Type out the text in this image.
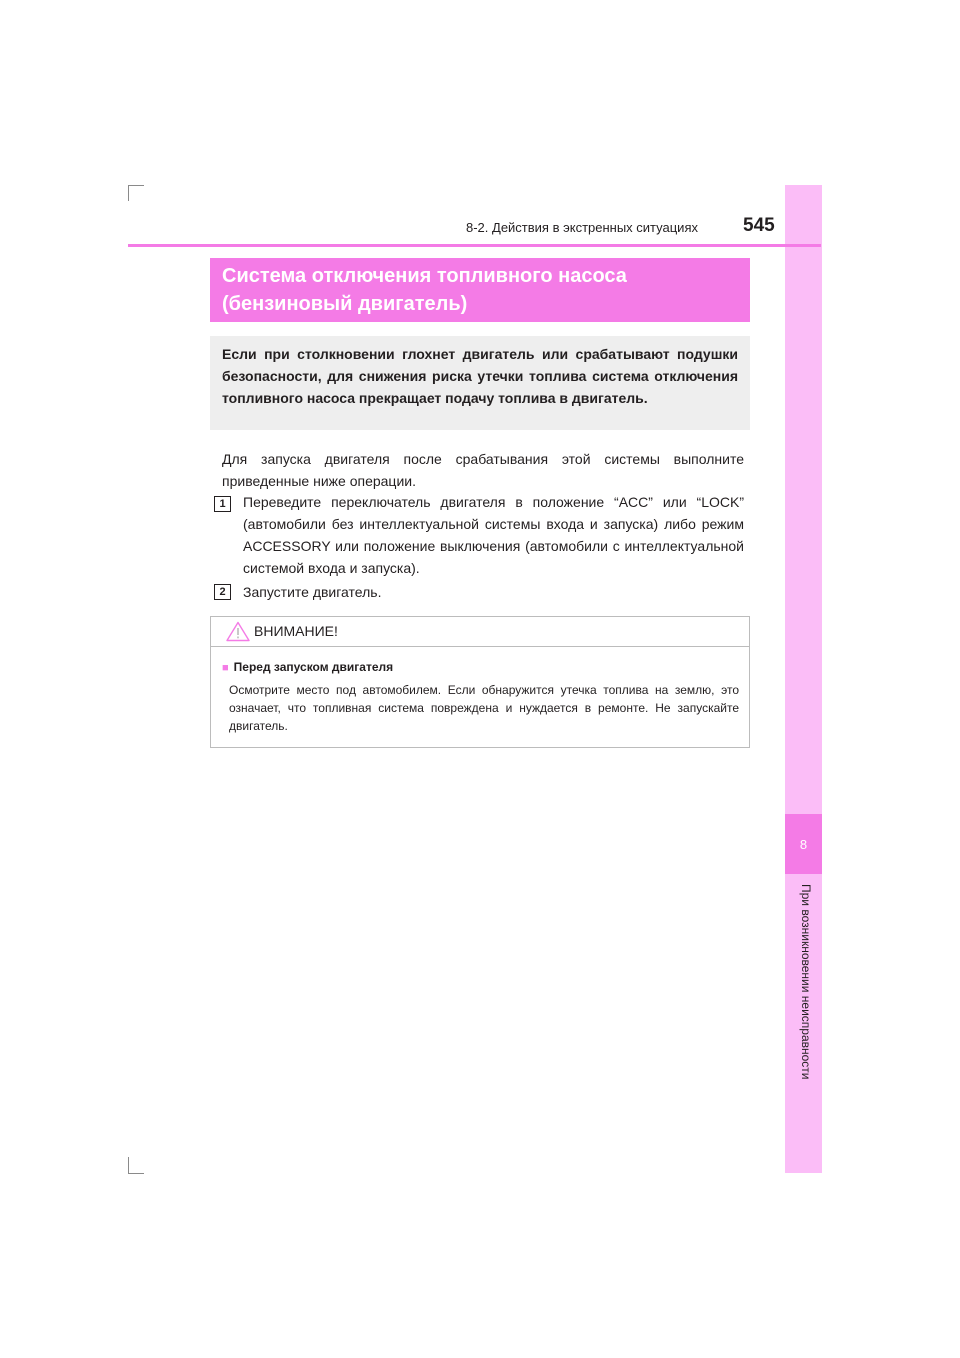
8
При возникновении неисправности
8-2. Действия в экстренных ситуациях 545
Система отключения топливного насоса
(бензиновый двигатель)
Если при столкновении глохнет двигатель или срабатывают подушки безопасности, для снижения риска утечки топлива система отключения топливного насоса прекращает подачу топлива в двигатель.
Для запуска двигателя после срабатывания этой системы выполните приведенные ниже операции.
1	Переведите переключатель двигателя в положение “ACC” или “LOCK” (автомобили без интеллектуальной системы входа и запуска) либо режим ACCESSORY или положение выключения (автомобили с интеллектуальной системой входа и запуска).
2	Запустите двигатель.
ВНИМАНИЕ!
■ Перед запуском двигателя
Осмотрите место под автомобилем. Если обнаружится утечка топлива на землю, это означает, что топливная система повреждена и нуждается в ремонте. Не запускайте двигатель.
